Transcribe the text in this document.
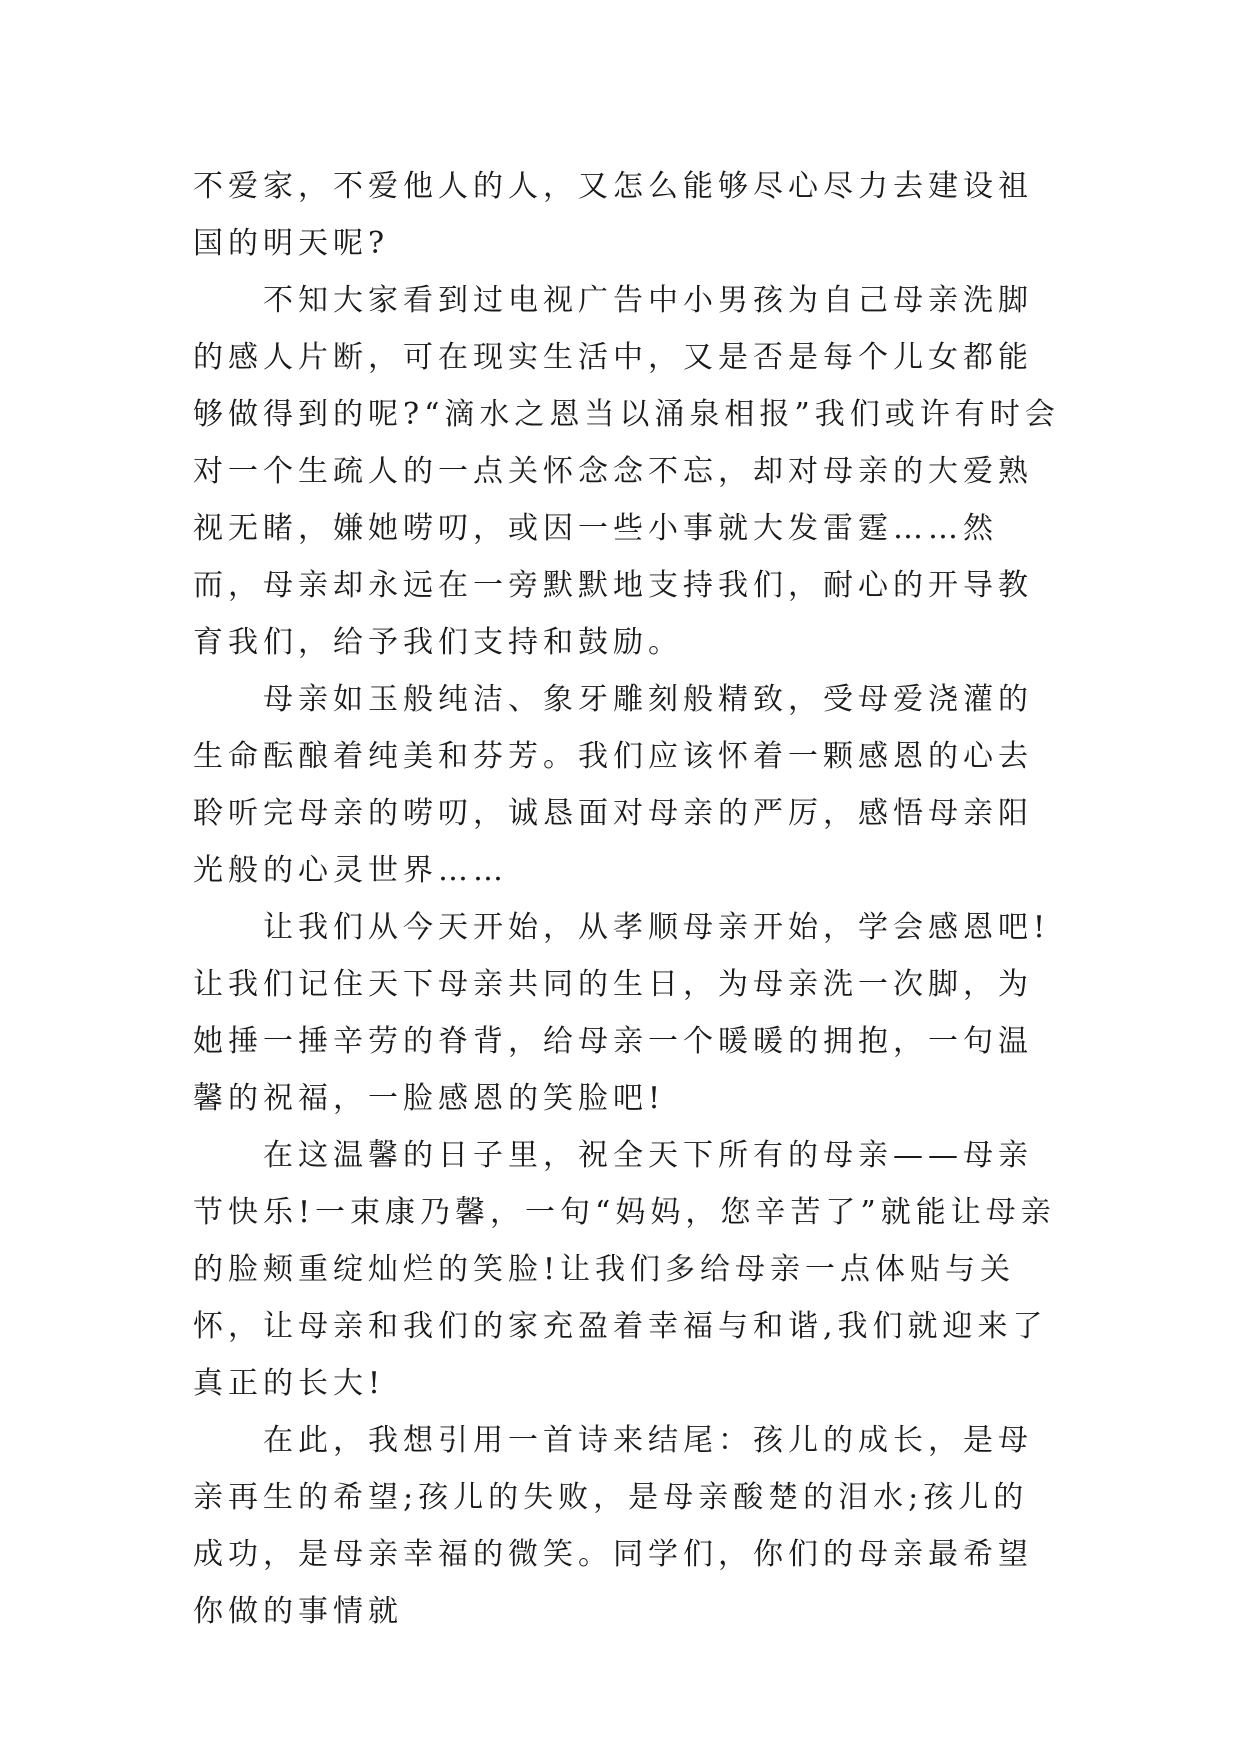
不爱家，不爱他人的人，又怎么能够尽心尽力去建设祖国的明天呢?

不知大家看到过电视广告中小男孩为自己母亲洗脚的感人片断，可在现实生活中，又是否是每个儿女都能够做得到的呢?“滴水之恩当以涌泉相报”我们或许有时会对一个生疏人的一点关怀念念不忘，却对母亲的大爱熟视无睹，嫌她唠叨，或因一些小事就大发雷霆……然而，母亲却永远在一旁默默地支持我们，耐心的开导教育我们，给予我们支持和鼓励。

母亲如玉般纯洁、象牙雕刻般精致，受母爱浇灌的生命酝酿着纯美和芬芳。我们应该怀着一颗感恩的心去聆听完母亲的唠叨，诚恳面对母亲的严厉，感悟母亲阳光般的心灵世界……

让我们从今天开始，从孝顺母亲开始，学会感恩吧!让我们记住天下母亲共同的生日，为母亲洗一次脚，为她捶一捶辛劳的脊背，给母亲一个暖暖的拥抱，一句温馨的祝福，一脸感恩的笑脸吧!

在这温馨的日子里，祝全天下所有的母亲——母亲节快乐!一束康乃馨，一句“妈妈，您辛苦了”就能让母亲的脸颊重绽灿烂的笑脸!让我们多给母亲一点体贴与关怀，让母亲和我们的家充盈着幸福与和谐,我们就迎来了真正的长大!

在此，我想引用一首诗来结尾：孩儿的成长，是母亲再生的希望;孩儿的失败，是母亲酸楚的泪水;孩儿的成功，是母亲幸福的微笑。同学们，你们的母亲最希望你做的事情就
